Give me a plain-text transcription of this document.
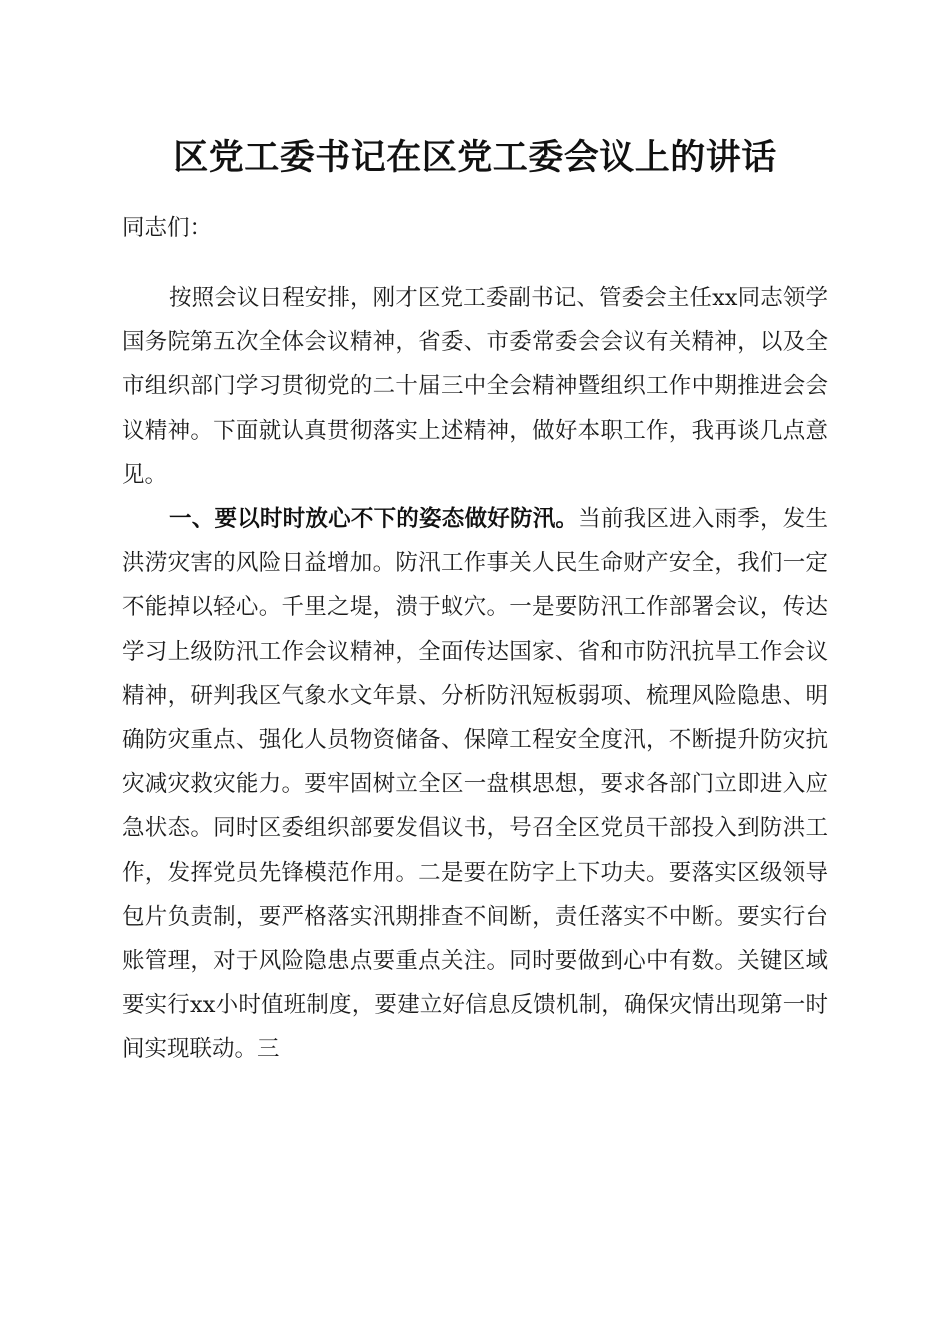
区党工委书记在区党工委会议上的讲话
同志们：

按照会议日程安排，刚才区党工委副书记、管委会主任xx同志领学国务院第五次全体会议精神，省委、市委常委会会议有关精神，以及全市组织部门学习贯彻党的二十届三中全会精神暨组织工作中期推进会会议精神。下面就认真贯彻落实上述精神，做好本职工作，我再谈几点意见。

一、要以时时放心不下的姿态做好防汛。当前我区进入雨季，发生洪涝灾害的风险日益增加。防汛工作事关人民生命财产安全，我们一定不能掉以轻心。千里之堤，溃于蚁穴。一是要防汛工作部署会议，传达学习上级防汛工作会议精神，全面传达国家、省和市防汛抗旱工作会议精神，研判我区气象水文年景、分析防汛短板弱项、梳理风险隐患、明确防灾重点、强化人员物资储备、保障工程安全度汛，不断提升防灾抗灾减灾救灾能力。要牢固树立全区一盘棋思想，要求各部门立即进入应急状态。同时区委组织部要发倡议书，号召全区党员干部投入到防洪工作，发挥党员先锋模范作用。二是要在防字上下功夫。要落实区级领导包片负责制，要严格落实汛期排查不间断，责任落实不中断。要实行台账管理，对于风险隐患点要重点关注。同时要做到心中有数。关键区域要实行xx小时值班制度，要建立好信息反馈机制，确保灾情出现第一时间实现联动。三
